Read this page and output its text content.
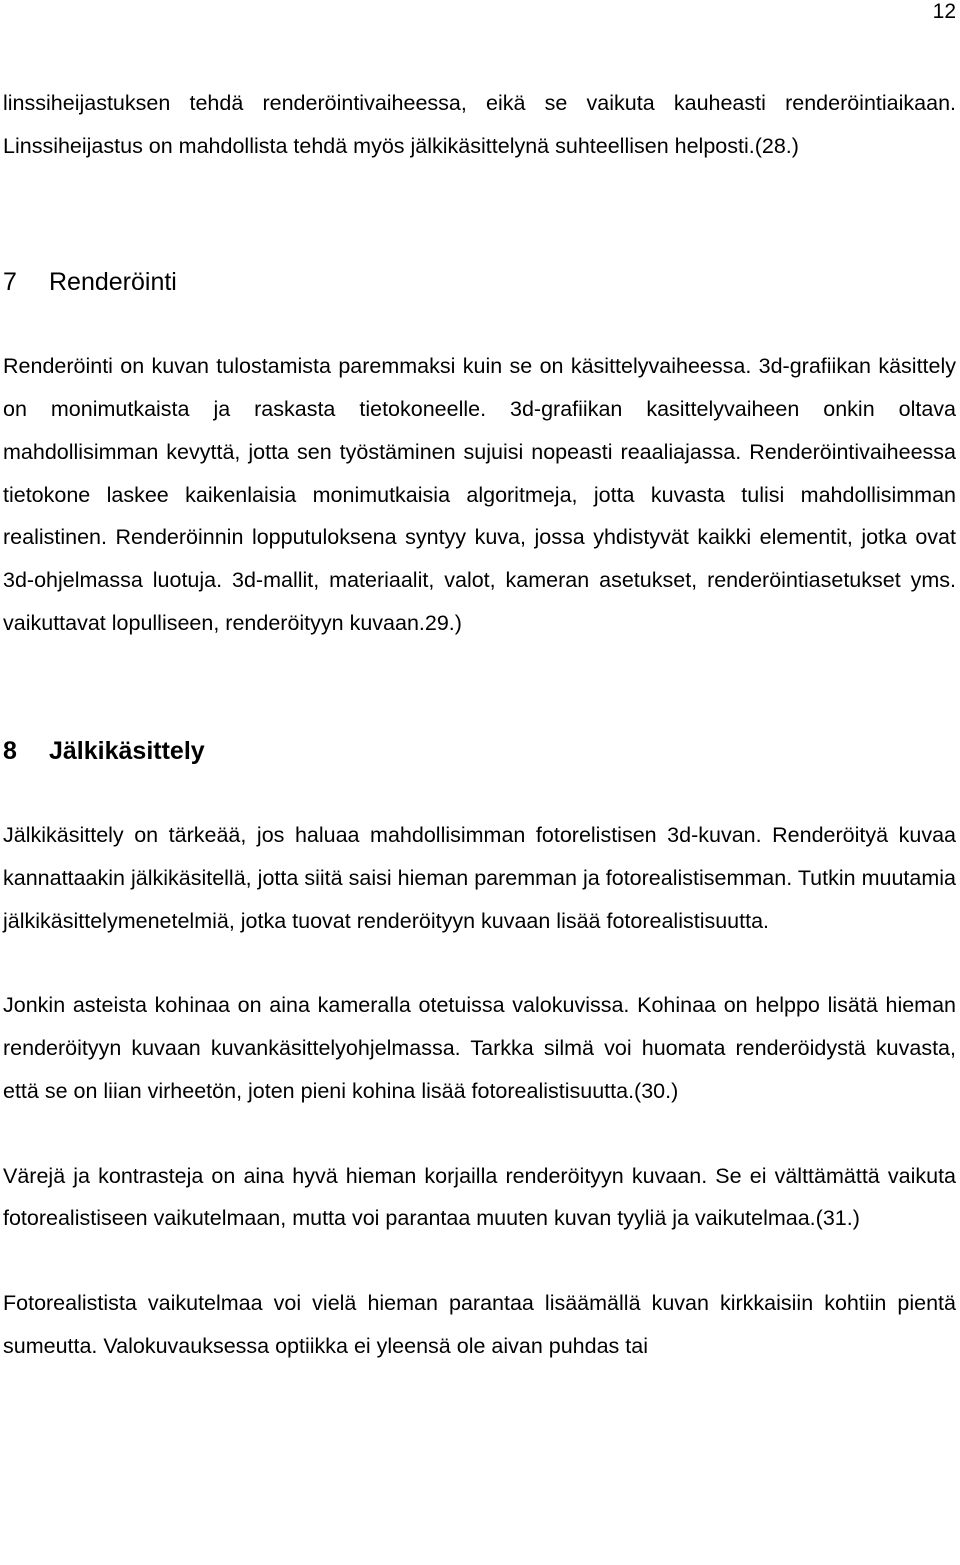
12

linssiheijastuksen tehdä renderöintivaiheessa, eikä se vaikuta kauheasti renderöintiaikaan. Linssiheijastus on mahdollista tehdä myös jälkikäsittelynä suhteellisen helposti.(28.)

7 Renderöinti

Renderöinti on kuvan tulostamista paremmaksi kuin se on käsittelyvaiheessa. 3d-grafiikan käsittely on monimutkaista ja raskasta tietokoneelle. 3d-grafiikan kasittelyvaiheen onkin oltava mahdollisimman kevyttä, jotta sen työstäminen sujuisi nopeasti reaaliajassa. Renderöintivaiheessa tietokone laskee kaikenlaisia monimutkaisia algoritmeja, jotta kuvasta tulisi mahdollisimman realistinen. Renderöinnin lopputuloksena syntyy kuva, jossa yhdistyvät kaikki elementit, jotka ovat 3d-ohjelmassa luotuja. 3d-mallit, materiaalit, valot, kameran asetukset, renderöintiasetukset yms. vaikuttavat lopulliseen, renderöityyn kuvaan.29.)

8 Jälkikäsittely

Jälkikäsittely on tärkeää, jos haluaa mahdollisimman fotorelistisen 3d-kuvan. Renderöityä kuvaa kannattaakin jälkikäsitellä, jotta siitä saisi hieman paremman ja fotorealistisemman. Tutkin muutamia jälkikäsittelymenetelmiä, jotka tuovat renderöityyn kuvaan lisää fotorealistisuutta.

Jonkin asteista kohinaa on aina kameralla otetuissa valokuvissa. Kohinaa on helppo lisätä hieman renderöityyn kuvaan kuvankäsittelyohjelmassa. Tarkka silmä voi huomata renderöidystä kuvasta, että se on liian virheetön, joten pieni kohina lisää fotorealistisuutta.(30.)

Värejä ja kontrasteja on aina hyvä hieman korjailla renderöityyn kuvaan. Se ei välttämättä vaikuta fotorealistiseen vaikutelmaan, mutta voi parantaa muuten kuvan tyyliä ja vaikutelmaa.(31.)

Fotorealistista vaikutelmaa voi vielä hieman parantaa lisäämällä kuvan kirkkaisiin kohtiin pientä sumeutta. Valokuvauksessa optiikka ei yleensä ole aivan puhdas tai
